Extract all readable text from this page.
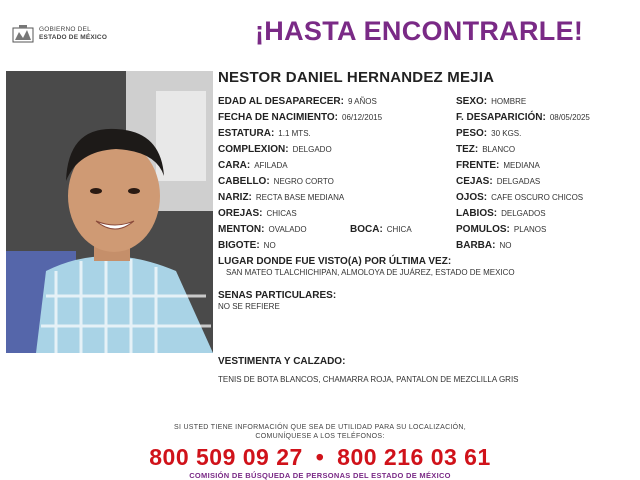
GOBIERNO DEL
ESTADO DE MÉXICO	¡HASTA ENCONTRARLE!
NESTOR DANIEL HERNANDEZ MEJIA
EDAD AL DESAPARECER: 9 AÑOS
FECHA DE NACIMIENTO: 06/12/2015
ESTATURA: 1.1 MTS.
COMPLEXION: DELGADO
CARA: AFILADA
CABELLO: NEGRO CORTO
NARIZ: RECTA BASE MEDIANA
OREJAS: CHICAS
MENTON: OVALADO	BOCA: CHICA
BIGOTE: NO
SEXO: HOMBRE
F. DESAPARICIÓN: 08/05/2025
PESO: 30 KGS.
TEZ: BLANCO
FRENTE: MEDIANA
CEJAS: DELGADAS
OJOS: CAFE OSCURO CHICOS
LABIOS: DELGADOS
POMULOS: PLANOS
BARBA: NO
LUGAR DONDE FUE VISTO(A) POR ÚLTIMA VEZ:
SAN MATEO TLALCHICHIPAN, ALMOLOYA DE JUÁREZ, ESTADO DE MEXICO
SENAS PARTICULARES:
NO SE REFIERE
VESTIMENTA Y CALZADO:
TENIS DE BOTA BLANCOS, CHAMARRA ROJA, PANTALON DE MEZCLILLA GRIS
SI USTED TIENE INFORMACIÓN QUE SEA DE UTILIDAD PARA SU LOCALIZACIÓN,
COMUNÍQUESE A LOS TELÉFONOS:
800 509 09 27 • 800 216 03 61
COMISIÓN DE BÚSQUEDA DE PERSONAS DEL ESTADO DE MÉXICO
